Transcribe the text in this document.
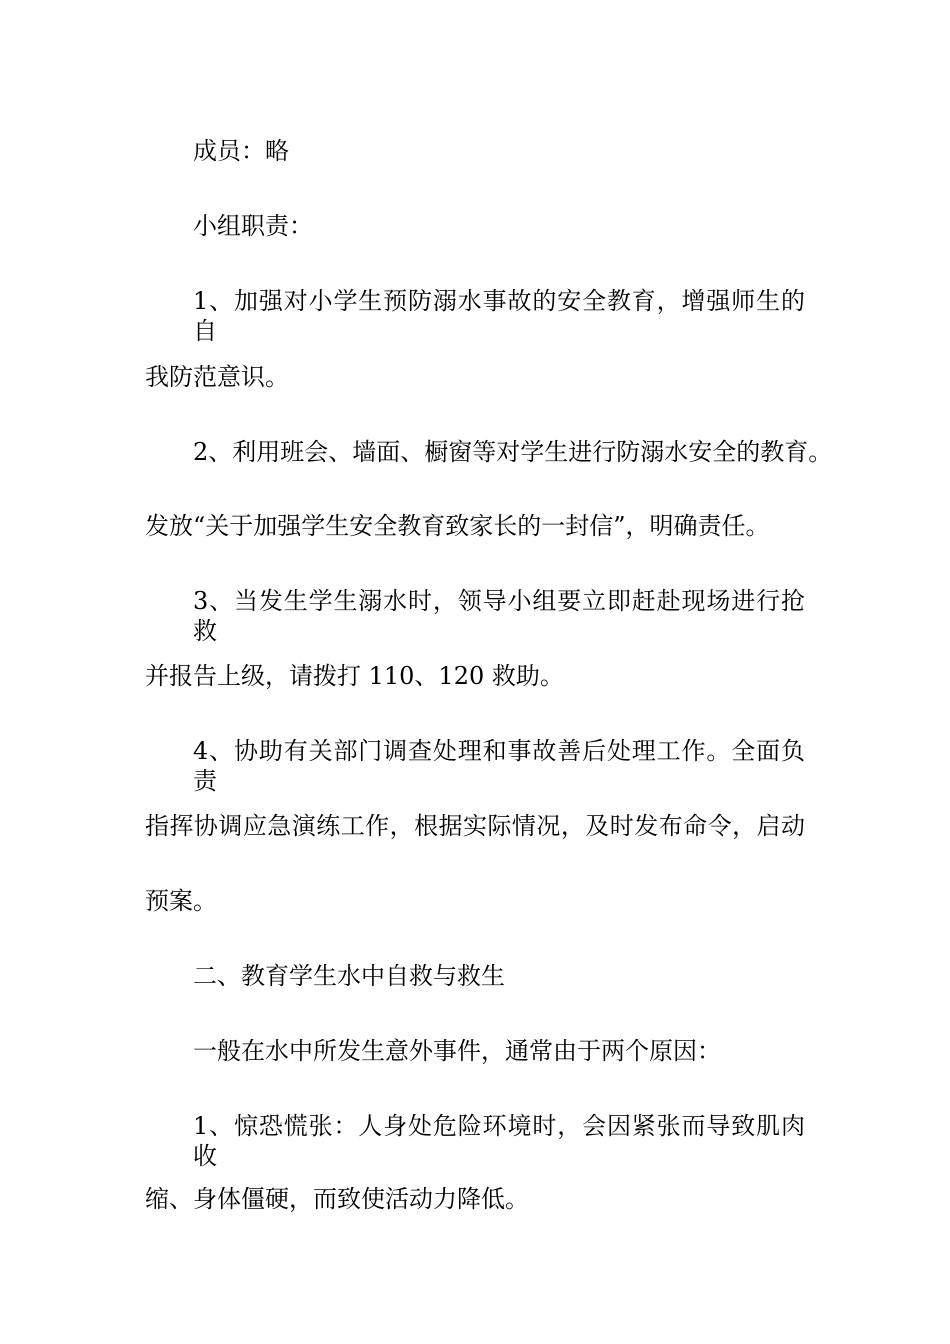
成员：略
小组职责：
1、加强对小学生预防溺水事故的安全教育，增强师生的自
我防范意识。
2、利用班会、墙面、橱窗等对学生进行防溺水安全的教育。
发放“关于加强学生安全教育致家长的一封信”，明确责任。
3、当发生学生溺水时，领导小组要立即赶赴现场进行抢救
并报告上级，请拨打 110、120 救助。
4、协助有关部门调查处理和事故善后处理工作。全面负责
指挥协调应急演练工作，根据实际情况，及时发布命令，启动
预案。
二、教育学生水中自救与救生
一般在水中所发生意外事件，通常由于两个原因：
1、惊恐慌张：人身处危险环境时，会因紧张而导致肌肉收
缩、身体僵硬，而致使活动力降低。
